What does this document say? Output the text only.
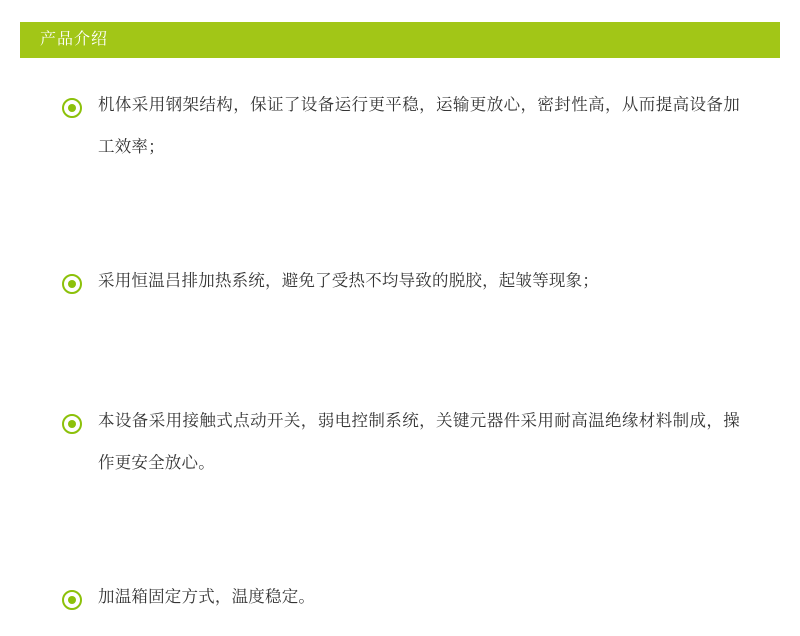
产品介绍
机体采用钢架结构，保证了设备运行更平稳，运输更放心，密封性高，从而提高设备加工效率；
采用恒温吕排加热系统，避免了受热不均导致的脱胶，起皱等现象；
本设备采用接触式点动开关，弱电控制系统，关键元器件采用耐高温绝缘材料制成，操作更安全放心。
加温箱固定方式，温度稳定。
